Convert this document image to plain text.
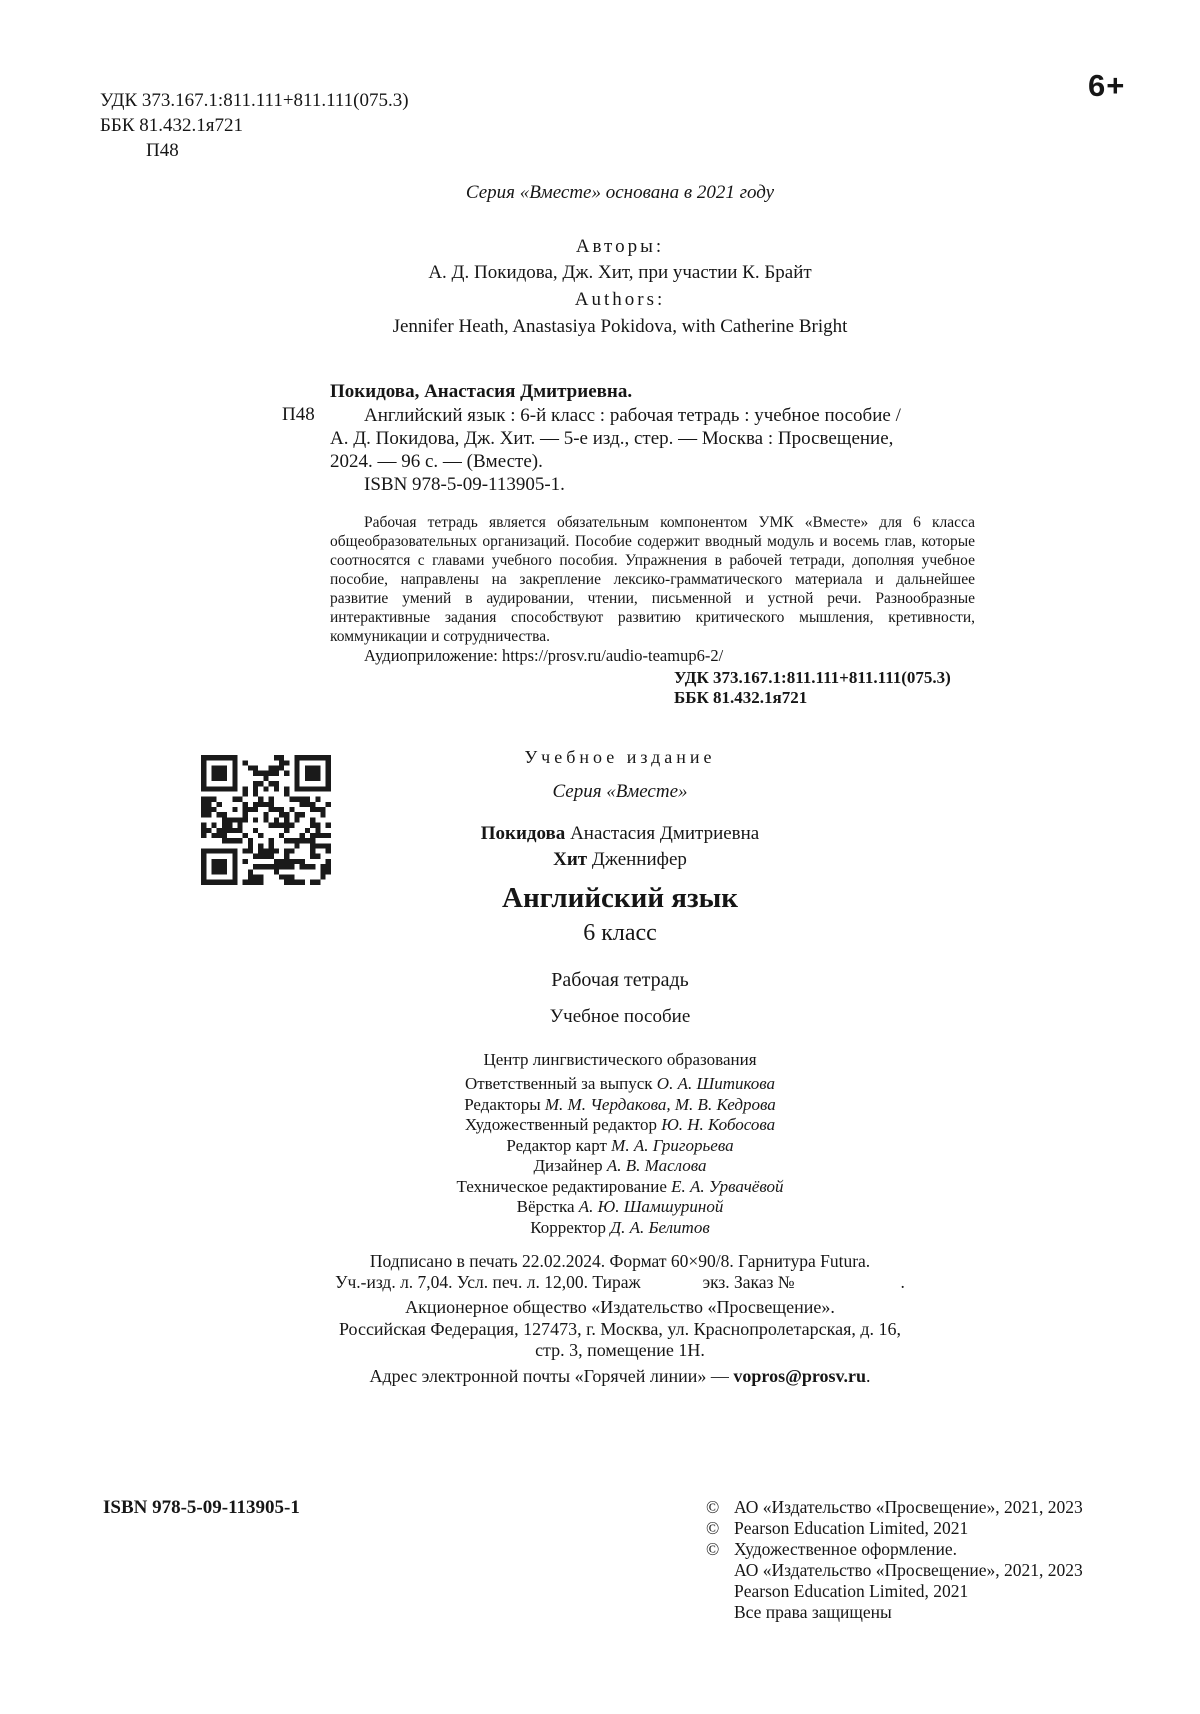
УДК 373.167.1:811.111+811.111(075.3)
ББК 81.432.1я721
П48
6+
Серия «Вместе» основана в 2021 году
Авторы:
А. Д. Покидова, Дж. Хит, при участии К. Брайт
Authors:
Jennifer Heath, Anastasiya Pokidova, with Catherine Bright
Покидова, Анастасия Дмитриевна.
П48	Английский язык : 6-й класс : рабочая тетрадь : учебное пособие /
А. Д. Покидова, Дж. Хит. — 5-е изд., стер. — Москва : Просвещение,
2024. — 96 с. — (Вместе).
ISBN 978-5-09-113905-1.

Рабочая тетрадь является обязательным компонентом УМК «Вместе» для 6 класса общеобразовательных организаций. Пособие содержит вводный модуль и восемь глав, которые соотносятся с главами учебного пособия. Упражнения в рабочей тетради, дополняя учебное пособие, направлены на закрепление лексико-грамматического материала и дальнейшее развитие умений в аудировании, чтении, письменной и устной речи. Разнообразные интерактивные задания способствуют развитию критического мышления, кретивности, коммуникации и сотрудничества.

Аудиоприложение: https://prosv.ru/audio-teamup6-2/
УДК 373.167.1:811.111+811.111(075.3)
ББК 81.432.1я721
Учебное издание
Серия «Вместе»
Покидова Анастасия Дмитриевна
Хит Дженнифер
Английский язык
6 класс
Рабочая тетрадь
Учебное пособие
Центр лингвистического образования
Ответственный за выпуск О. А. Шитикова
Редакторы М. М. Чердакова, М. В. Кедрова
Художественный редактор Ю. Н. Кобосова
Редактор карт М. А. Григорьева
Дизайнер А. В. Маслова
Техническое редактирование Е. А. Урвачёвой
Вёрстка А. Ю. Шамшуриной
Корректор Д. А. Белитов
Подписано в печать 22.02.2024. Формат 60×90/8. Гарнитура Futura.
Уч.-изд. л. 7,04. Усл. печ. л. 12,00. Тираж	экз. Заказ №	.
Акционерное общество «Издательство «Просвещение».
Российская Федерация, 127473, г. Москва, ул. Краснопролетарская, д. 16,
стр. 3, помещение 1Н.
Адрес электронной почты «Горячей линии» — vopros@prosv.ru.
ISBN 978-5-09-113905-1	© АО «Издательство «Просвещение», 2021, 2023
© Pearson Education Limited, 2021
© Художественное оформление.
АО «Издательство «Просвещение», 2021, 2023
Pearson Education Limited, 2021
Все права защищены
